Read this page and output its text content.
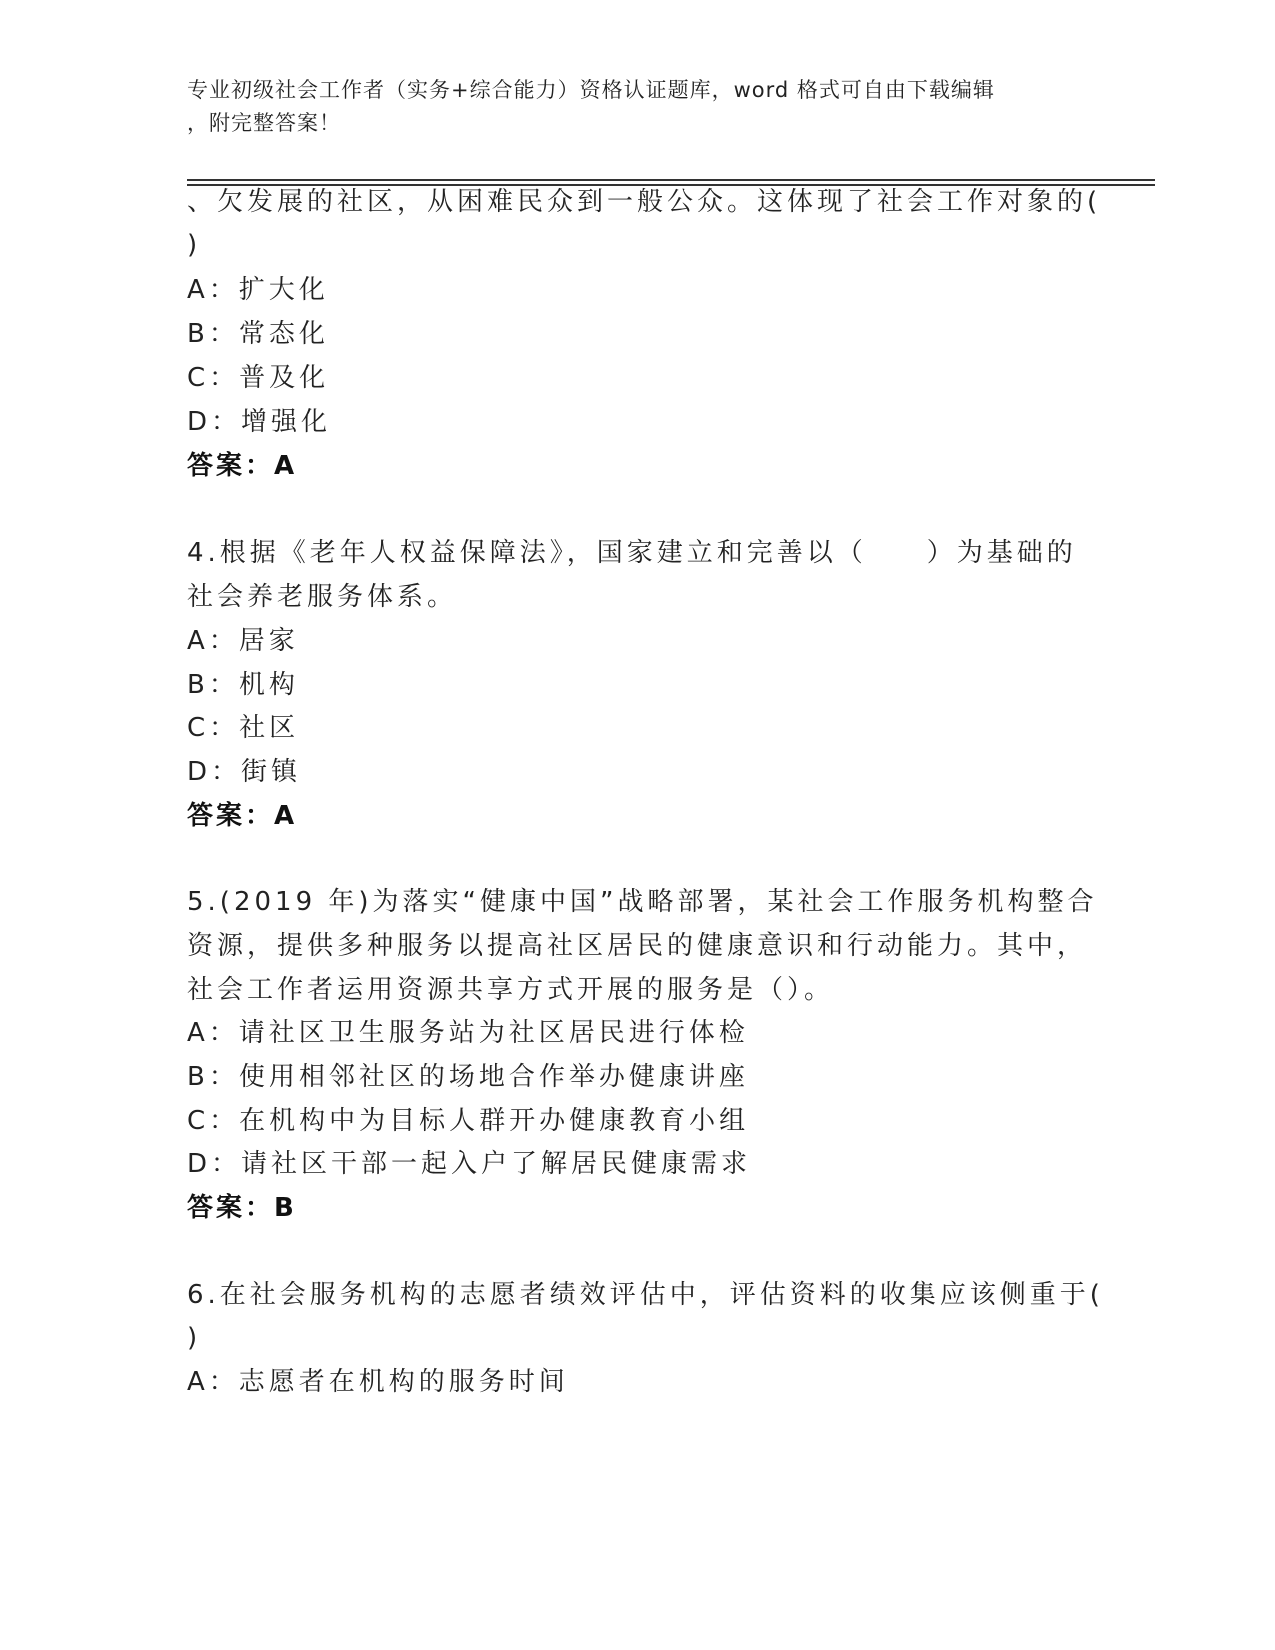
专业初级社会工作者（实务+综合能力）资格认证题库，word 格式可自由下载编辑
，附完整答案！
、欠发展的社区，从困难民众到一般公众。这体现了社会工作对象的(
)
A：扩大化
B：常态化
C：普及化
D：增强化
答案：A
4.根据《老年人权益保障法》，国家建立和完善以（　　）为基础的
社会养老服务体系。
A：居家
B：机构
C：社区
D：街镇
答案：A
5.(2019 年)为落实“健康中国”战略部署，某社会工作服务机构整合
资源，提供多种服务以提高社区居民的健康意识和行动能力。其中，
社会工作者运用资源共享方式开展的服务是（）。
A：请社区卫生服务站为社区居民进行体检
B：使用相邻社区的场地合作举办健康讲座
C：在机构中为目标人群开办健康教育小组
D：请社区干部一起入户了解居民健康需求
答案：B
6.在社会服务机构的志愿者绩效评估中，评估资料的收集应该侧重于(
)
A：志愿者在机构的服务时间
